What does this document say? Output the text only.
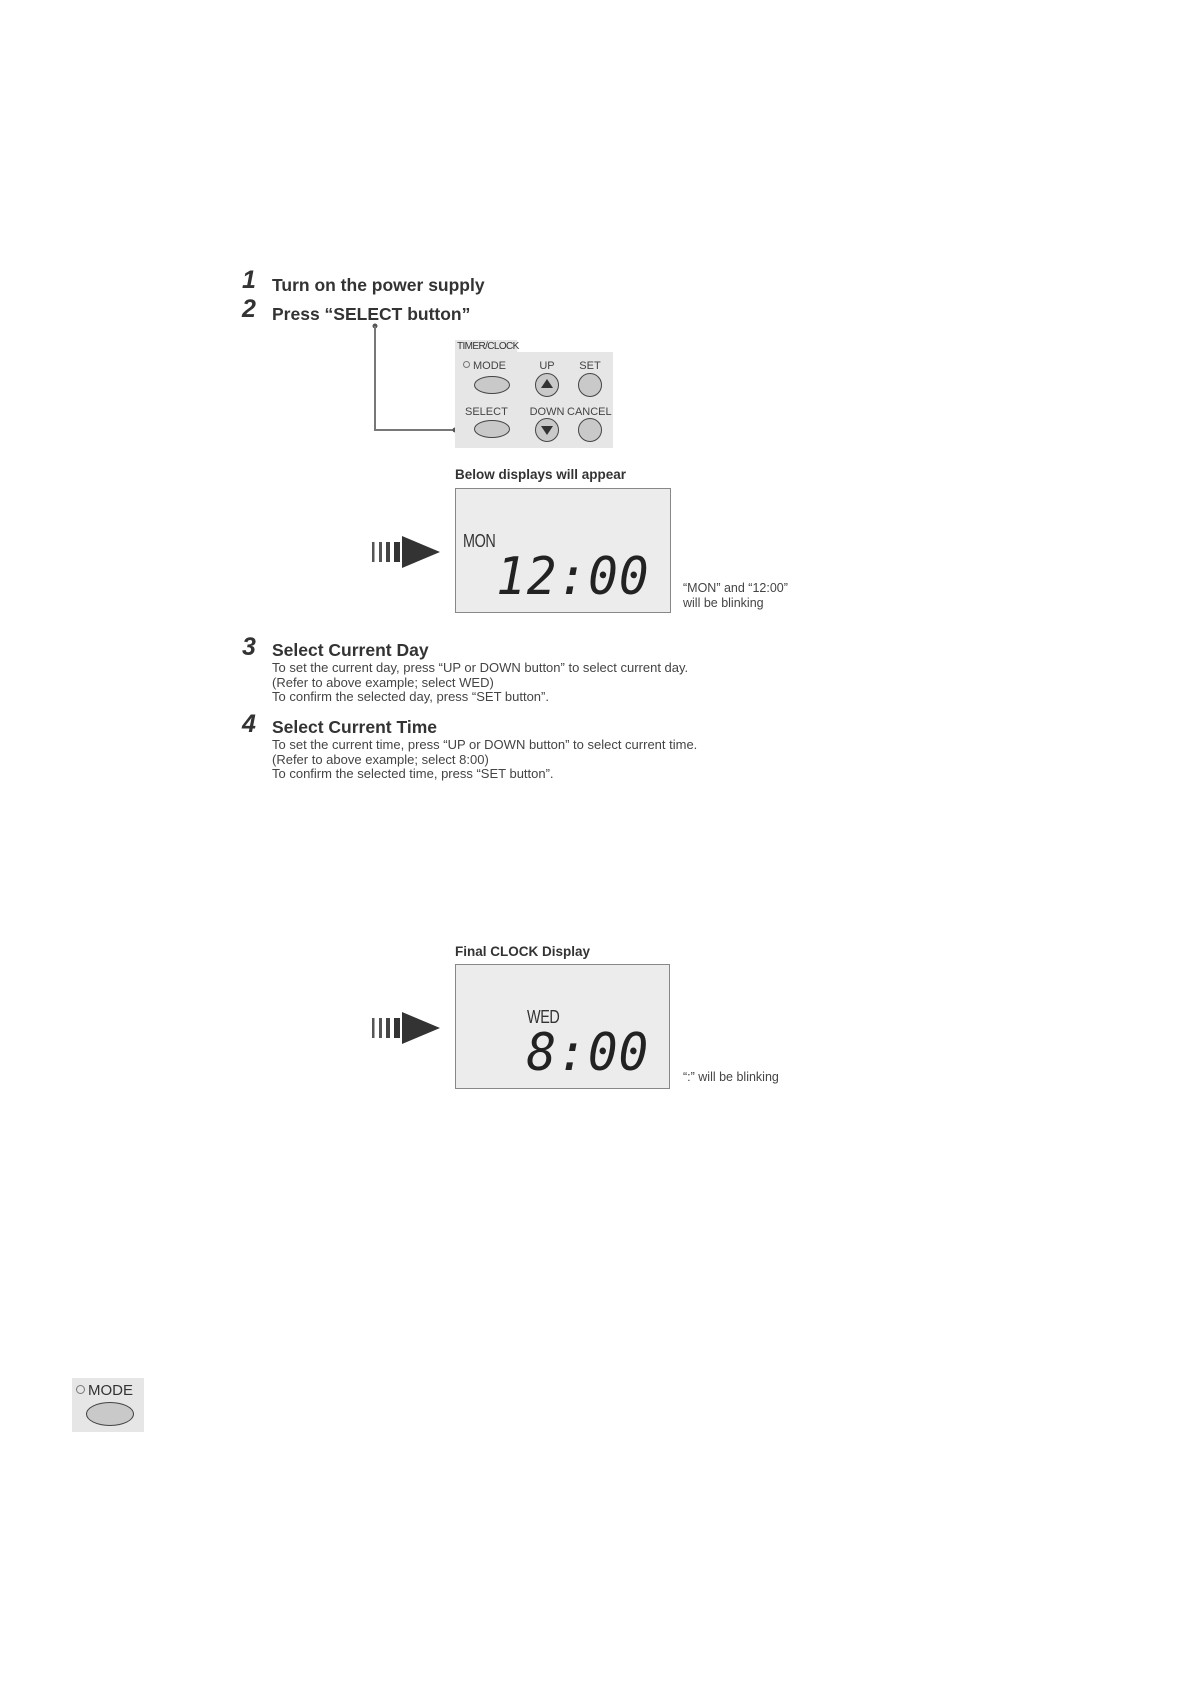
1 Turn on the power supply
2 Press “SELECT button”
TIMER/CLOCK
MODE	UP	SET
SELECT	DOWN CANCEL
Below displays will appear
MON
12:00	“MON” and “12:00”
will be blinking
3 Select Current Day
To set the current day, press “UP or DOWN button” to select current day.
(Refer to above example; select WED)
To confirm the selected day, press “SET button”.
4 Select Current Time
To set the current time, press “UP or DOWN button” to select current time.
(Refer to above example; select 8:00)
To confirm the selected time, press “SET button”.
Final CLOCK Display
WED
8:00	“:” will be blinking
MODE
